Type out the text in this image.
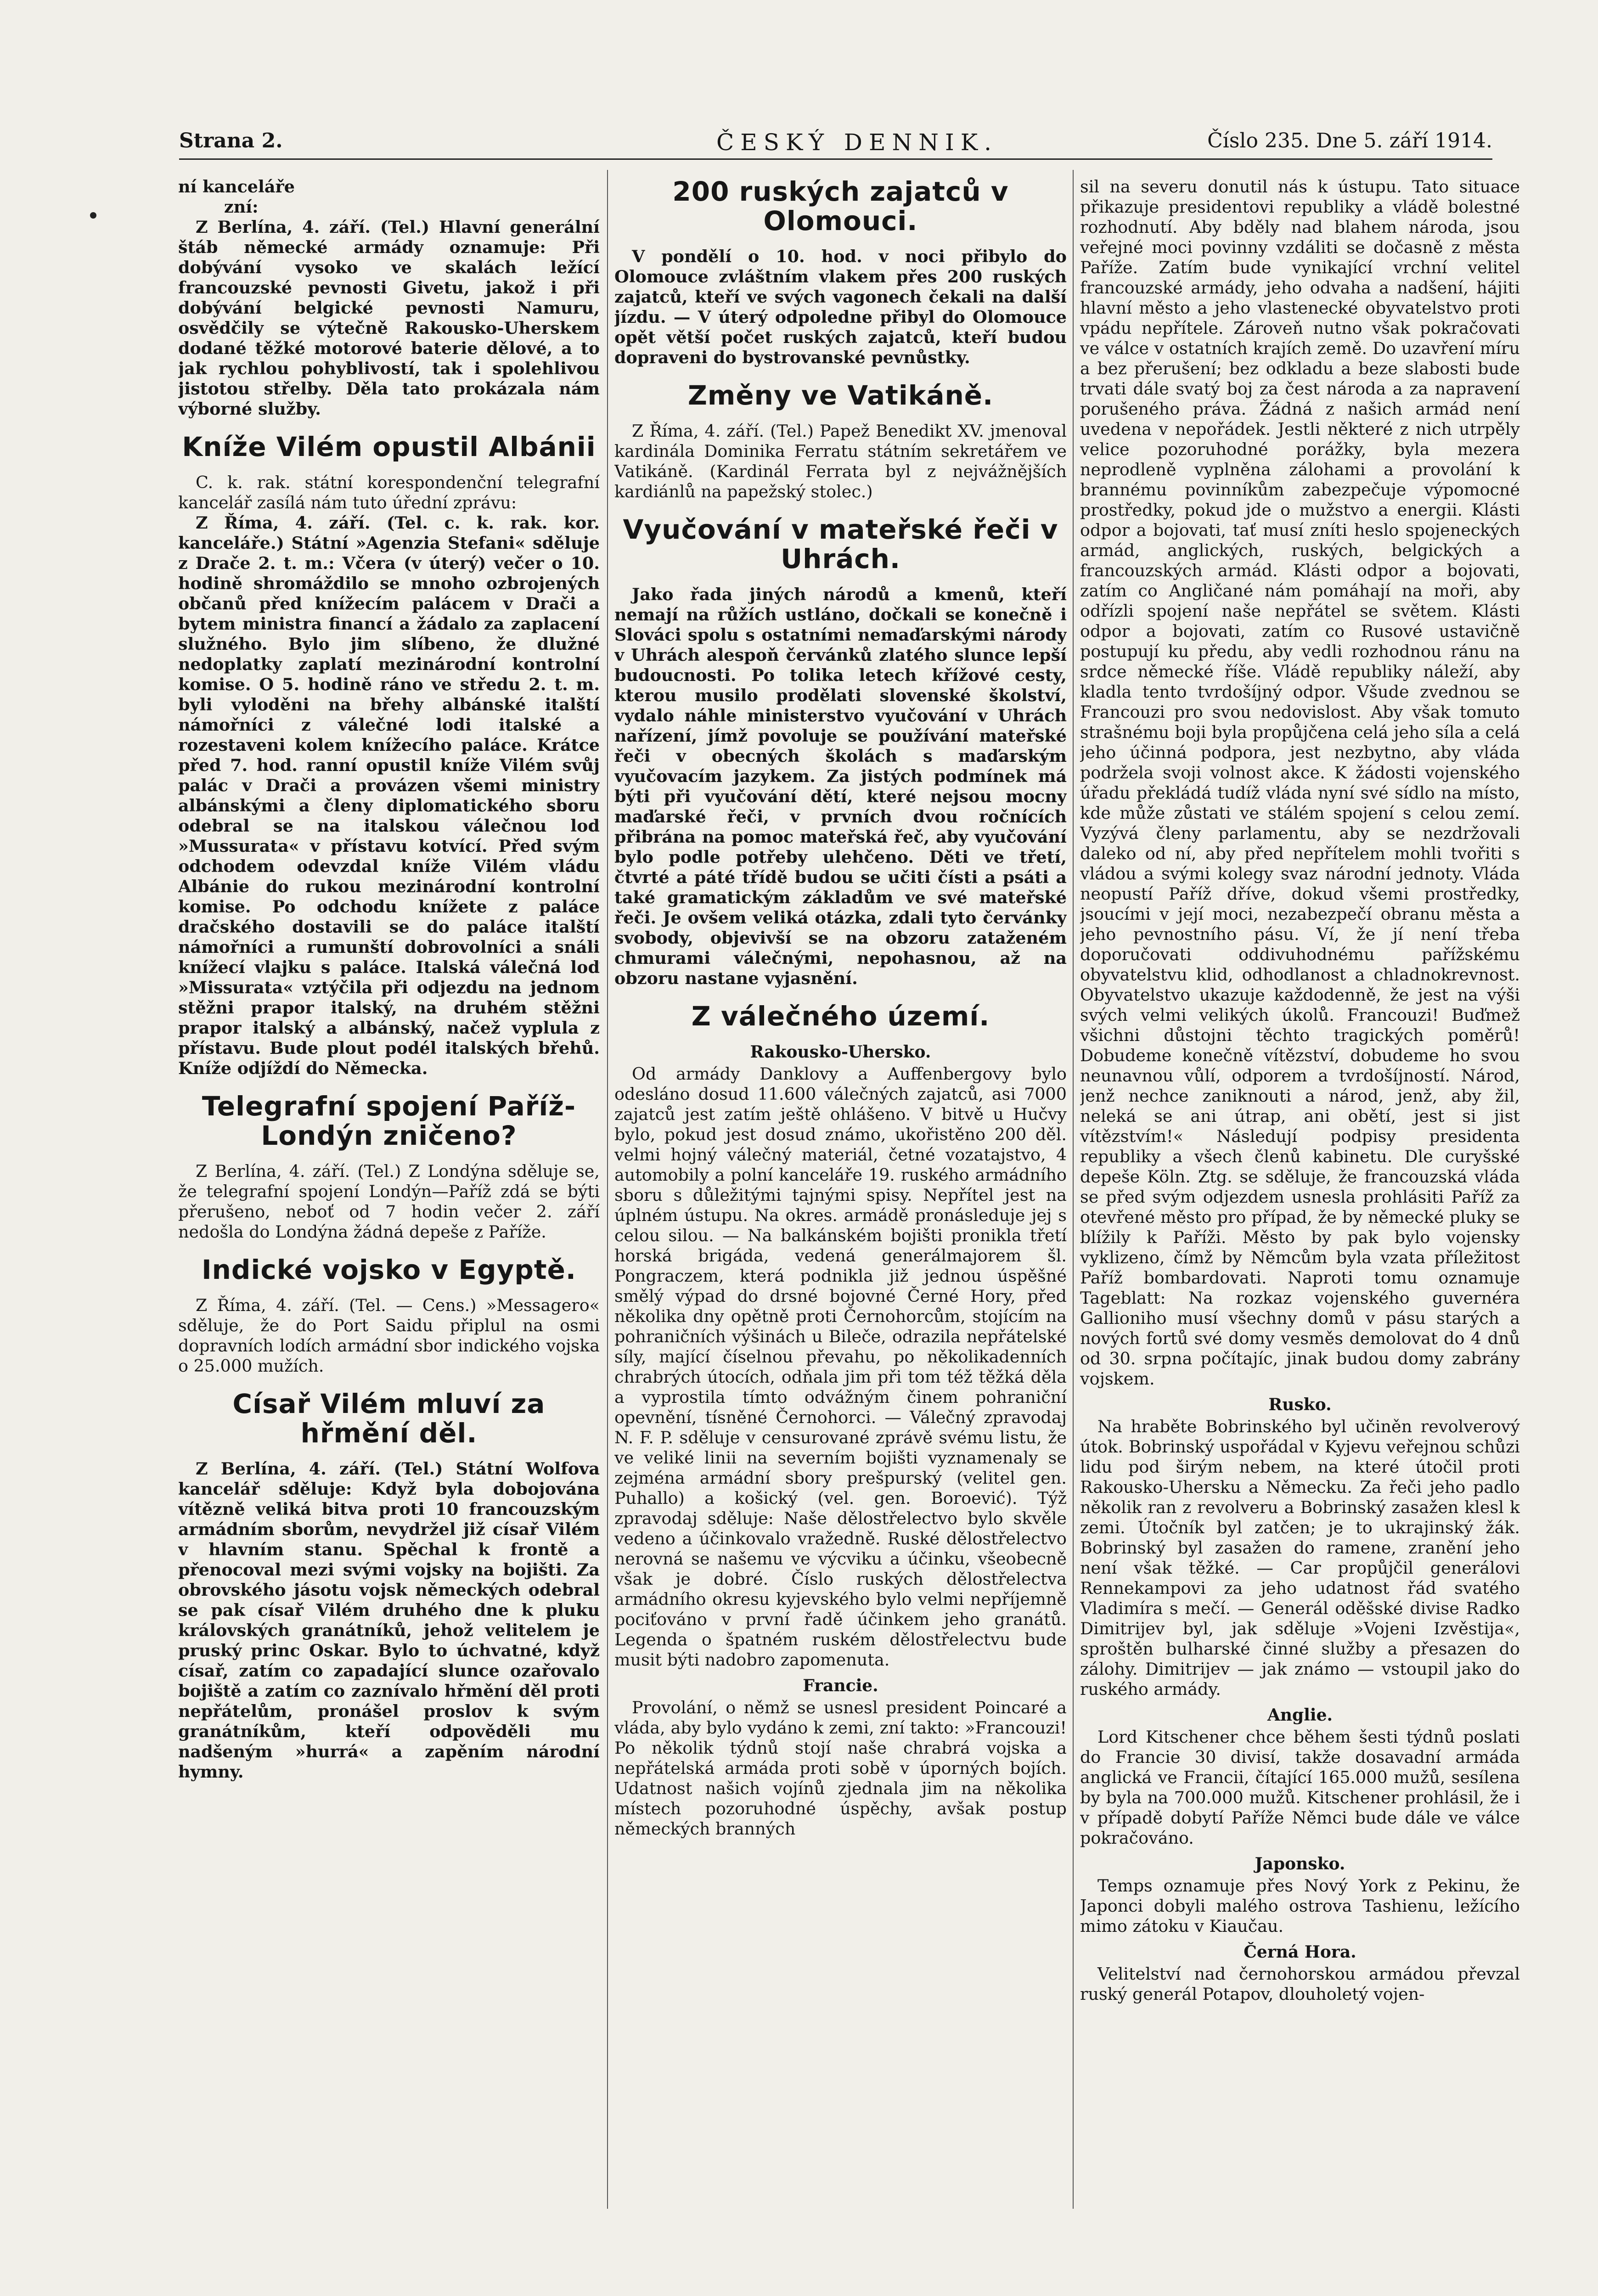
Strana 2.	ČESKÝ DENNIK.	Číslo 235. Dne 5. září 1914.

ní kanceláře

zní:

Z Berlína, 4. září. (Tel.) Hlavní generální štáb německé armády oznamuje: Při dobývání vysoko ve skalách ležící francouzské pevnosti Givetu, jakož i při dobývání belgické pevnosti Namuru, osvědčily se výtečně Rakousko-Uherskem dodané těžké motorové baterie dělové, a to jak rychlou pohyblivostí, tak i spolehlivou jistotou střelby. Děla tato prokázala nám výborné služby.

Kníže Vilém opustil Albánii

C. k. rak. státní korespondenční telegrafní kancelář zasílá nám tuto úřední zprávu:

Z Říma, 4. září. (Tel. c. k. rak. kor. kanceláře.) Státní »Agenzia Stefani« sděluje z Drače 2. t. m.: Včera (v úterý) večer o 10. hodině shromáždilo se mnoho ozbrojených občanů před knížecím palácem v Drači a bytem ministra financí a žádalo za zaplacení služného. Bylo jim slíbeno, že dlužné nedoplatky zaplatí mezinárodní kontrolní komise. O 5. hodině ráno ve středu 2. t. m. byli vyloděni na břehy albánské italští námořníci z válečné lodi italské a rozestaveni kolem knížecího paláce. Krátce před 7. hod. ranní opustil kníže Vilém svůj palác v Drači a provázen všemi ministry albánskými a členy diplomatického sboru odebral se na italskou válečnou loď »Mussurata« v přístavu kotvící. Před svým odchodem odevzdal kníže Vilém vládu Albánie do rukou mezinárodní kontrolní komise. Po odchodu knížete z paláce dračského dostavili se do paláce italští námořníci a rumunští dobrovolníci a snáli knížecí vlajku s paláce. Italská válečná loď »Missurata« vztýčila při odjezdu na jednom stěžni prapor italský, na druhém stěžni prapor italský a albánský, načež vyplula z přístavu. Bude plout podél italských břehů. Kníže odjíždí do Německa.

Telegrafní spojení Paříž-Londýn zničeno?

Z Berlína, 4. září. (Tel.) Z Londýna sděluje se, že telegrafní spojení Londýn—Paříž zdá se býti přerušeno, neboť od 7 hodin večer 2. září nedošla do Londýna žádná depeše z Paříže.

Indické vojsko v Egyptě.

Z Říma, 4. září. (Tel. — Cens.) »Messagero« sděluje, že do Port Saidu připlul na osmi dopravních lodích armádní sbor indického vojska o 25.000 mužích.

Císař Vilém mluví za hřmění děl.

Z Berlína, 4. září. (Tel.) Státní Wolfova kancelář sděluje: Když byla dobojována vítězně veliká bitva proti 10 francouzským armádním sborům, nevydržel již císař Vilém v hlavním stanu. Spěchal k frontě a přenocoval mezi svými vojsky na bojišti. Za obrovského jásotu vojsk německých odebral se pak císař Vilém druhého dne k pluku královských granátníků, jehož velitelem je pruský princ Oskar. Bylo to úchvatné, když císař, zatím co zapadající slunce ozařovalo bojiště a zatím co zaznívalo hřmění děl proti nepřátelům, pronášel proslov k svým granátníkům, kteří odpověděli mu nadšeným »hurrá« a zapěním národní hymny.

200 ruských zajatců v Olomouci.

V pondělí o 10. hod. v noci přibylo do Olomouce zvláštním vlakem přes 200 ruských zajatců, kteří ve svých vagonech čekali na další jízdu. — V úterý odpoledne přibyl do Olomouce opět větší počet ruských zajatců, kteří budou dopraveni do bystrovanské pevnůstky.

Změny ve Vatikáně.

Z Říma, 4. září. (Tel.) Papež Benedikt XV. jmenoval kardinála Dominika Ferratu státním sekretářem ve Vatikáně. (Kardinál Ferrata byl z nejvážnějších kardiánlů na papežský stolec.)

Vyučování v mateřské řeči v Uhrách.

Jako řada jiných národů a kmenů, kteří nemají na růžích ustláno, dočkali se konečně i Slováci spolu s ostatními nemaďarskými národy v Uhrách alespoň červánků zlatého slunce lepší budoucnosti. Po tolika letech křížové cesty, kterou musilo prodělati slovenské školství, vydalo náhle ministerstvo vyučování v Uhrách nařízení, jímž povoluje se používání mateřské řeči v obecných školách s maďarským vyučovacím jazykem. Za jistých podmínek má býti při vyučování dětí, které nejsou mocny maďarské řeči, v prvních dvou ročnících přibrána na pomoc mateřská řeč, aby vyučování bylo podle potřeby ulehčeno. Děti ve třetí, čtvrté a páté třídě budou se učiti čísti a psáti a také gramatickým základům ve své mateřské řeči. Je ovšem veliká otázka, zdali tyto červánky svobody, objevivší se na obzoru zataženém chmurami válečnými, nepohasnou, až na obzoru nastane vyjasnění.

Z válečného území.
Rakousko-Uhersko.

Od armády Danklovy a Auffenbergovy bylo odesláno dosud 11.600 válečných zajatců, asi 7000 zajatců jest zatím ještě ohlášeno. V bitvě u Hučvy bylo, pokud jest dosud známo, ukořistěno 200 děl. velmi hojný válečný materiál, četné vozatajstvo, 4 automobily a polní kanceláře 19. ruského armádního sboru s důležitými tajnými spisy. Nepřítel jest na úplném ústupu. Na okres. armádě pronásleduje jej s celou silou. — Na balkánském bojišti pronikla třetí horská brigáda, vedená generálmajorem šl. Pongraczem, která podnikla již jednou úspěšné smělý výpad do drsné bojovné Černé Hory, před několika dny opětně proti Černohorcům, stojícím na pohraničních výšinách u Bileče, odrazila nepřátelské síly, mající číselnou převahu, po několikadenních chrabrých útocích, odňala jim při tom též těžká děla a vyprostila tímto odvážným činem pohraniční opevnění, tísněné Černohorci. — Válečný zpravodaj N. F. P. sděluje v censurované zprávě svému listu, že ve veliké linii na severním bojišti vyznamenaly se zejména armádní sbory prešpurský (velitel gen. Puhallo) a košický (vel. gen. Boroević). Týž zpravodaj sděluje: Naše dělostřelectvo bylo skvěle vedeno a účinkovalo vražedně. Ruské dělostřelectvo nerovná se našemu ve výcviku a účinku, všeobecně však je dobré. Číslo ruských dělostřelectva armádního okresu kyjevského bylo velmi nepříjemně pociťováno v první řadě účinkem jeho granátů. Legenda o špatném ruském dělostřelectvu bude musit býti nadobro zapomenuta.

Francie.

Provolání, o němž se usnesl president Poincaré a vláda, aby bylo vydáno k zemi, zní takto: »Francouzi! Po několik týdnů stojí naše chrabrá vojska a nepřátelská armáda proti sobě v úporných bojích. Udatnost našich vojínů zjednala jim na několika místech pozoruhodné úspěchy, avšak postup německých branných

sil na severu donutil nás k ústupu. Tato situace přikazuje presidentovi republiky a vládě bolestné rozhodnutí. Aby bděly nad blahem národa, jsou veřejné moci povinny vzdáliti se dočasně z města Paříže. Zatím bude vynikající vrchní velitel francouzské armády, jeho odvaha a nadšení, hájiti hlavní město a jeho vlastenecké obyvatelstvo proti vpádu nepřítele. Zároveň nutno však pokračovati ve válce v ostatních krajích země. Do uzavření míru a bez přerušení; bez odkladu a beze slabosti bude trvati dále svatý boj za čest národa a za napravení porušeného práva. Žádná z našich armád není uvedena v nepořádek. Jestli některé z nich utrpěly velice pozoruhodné porážky, byla mezera neprodleně vyplněna zálohami a provolání k brannému povinníkům zabezpečuje výpomocné prostředky, pokud jde o mužstvo a energii. Klásti odpor a bojovati, tať musí zníti heslo spojeneckých armád, anglických, ruských, belgických a francouzských armád. Klásti odpor a bojovati, zatím co Angličané nám pomáhají na moři, aby odřízli spojení naše nepřátel se světem. Klásti odpor a bojovati, zatím co Rusové ustavičně postupují ku předu, aby vedli rozhodnou ránu na srdce německé říše. Vládě republiky náleží, aby kladla tento tvrdošíjný odpor. Všude zvednou se Francouzi pro svou nedovislost. Aby však tomuto strašnému boji byla propůjčena celá jeho síla a celá jeho účinná podpora, jest nezbytno, aby vláda podržela svoji volnost akce. K žádosti vojenského úřadu překládá tudíž vláda nyní své sídlo na místo, kde může zůstati ve stálém spojení s celou zemí. Vyzývá členy parlamentu, aby se nezdržovali daleko od ní, aby před nepřítelem mohli tvořiti s vládou a svými kolegy svaz národní jednoty. Vláda neopustí Paříž dříve, dokud všemi prostředky, jsoucími v její moci, nezabezpečí obranu města a jeho pevnostního pásu. Ví, že jí není třeba doporučovati oddivuhodnému pařížskému obyvatelstvu klid, odhodlanost a chladnokrevnost. Obyvatelstvo ukazuje každodenně, že jest na výši svých velmi velikých úkolů. Francouzi! Buďmež všichni důstojni těchto tragických poměrů! Dobudeme konečně vítězství, dobudeme ho svou neunavnou vůlí, odporem a tvrdošíjností. Národ, jenž nechce zaniknouti a národ, jenž, aby žil, neleká se ani útrap, ani obětí, jest si jist vítězstvím!« Následují podpisy presidenta republiky a všech členů kabinetu. Dle curyšské depeše Köln. Ztg. se sděluje, že francouzská vláda se před svým odjezdem usnesla prohlásiti Paříž za otevřené město pro případ, že by německé pluky se blížily k Paříži. Město by pak bylo vojensky vyklizeno, čímž by Němcům byla vzata příležitost Paříž bombardovati. Naproti tomu oznamuje Tageblatt: Na rozkaz vojenského guvernéra Gallioniho musí všechny domů v pásu starých a nových fortů své domy vesměs demolovat do 4 dnů od 30. srpna počítajíc, jinak budou domy zabrány vojskem.

Rusko.

Na hraběte Bobrinského byl učiněn revolverový útok. Bobrinský uspořádal v Kyjevu veřejnou schůzi lidu pod širým nebem, na které útočil proti Rakousko-Uhersku a Německu. Za řeči jeho padlo několik ran z revolveru a Bobrinský zasažen klesl k zemi. Útočník byl zatčen; je to ukrajinský žák. Bobrinský byl zasažen do ramene, zranění jeho není však těžké. — Car propůjčil generálovi Rennekampovi za jeho udatnost řád svatého Vladimíra s mečí. — Generál oděšské divise Radko Dimitrijev byl, jak sděluje »Vojeni Izvěstija«, sproštěn bulharské činné služby a přesazen do zálohy. Dimitrijev — jak známo — vstoupil jako do ruského armády.

Anglie.

Lord Kitschener chce během šesti týdnů poslati do Francie 30 divisí, takže dosavadní armáda anglická ve Francii, čítající 165.000 mužů, sesílena by byla na 700.000 mužů. Kitschener prohlásil, že i v případě dobytí Paříže Němci bude dále ve válce pokračováno.

Japonsko.

Temps oznamuje přes Nový York z Pekinu, že Japonci dobyli malého ostrova Tashienu, ležícího mimo zátoku v Kiaučau.

Černá Hora.

Velitelství nad černohorskou armádou převzal ruský generál Potapov, dlouholetý vojen-
